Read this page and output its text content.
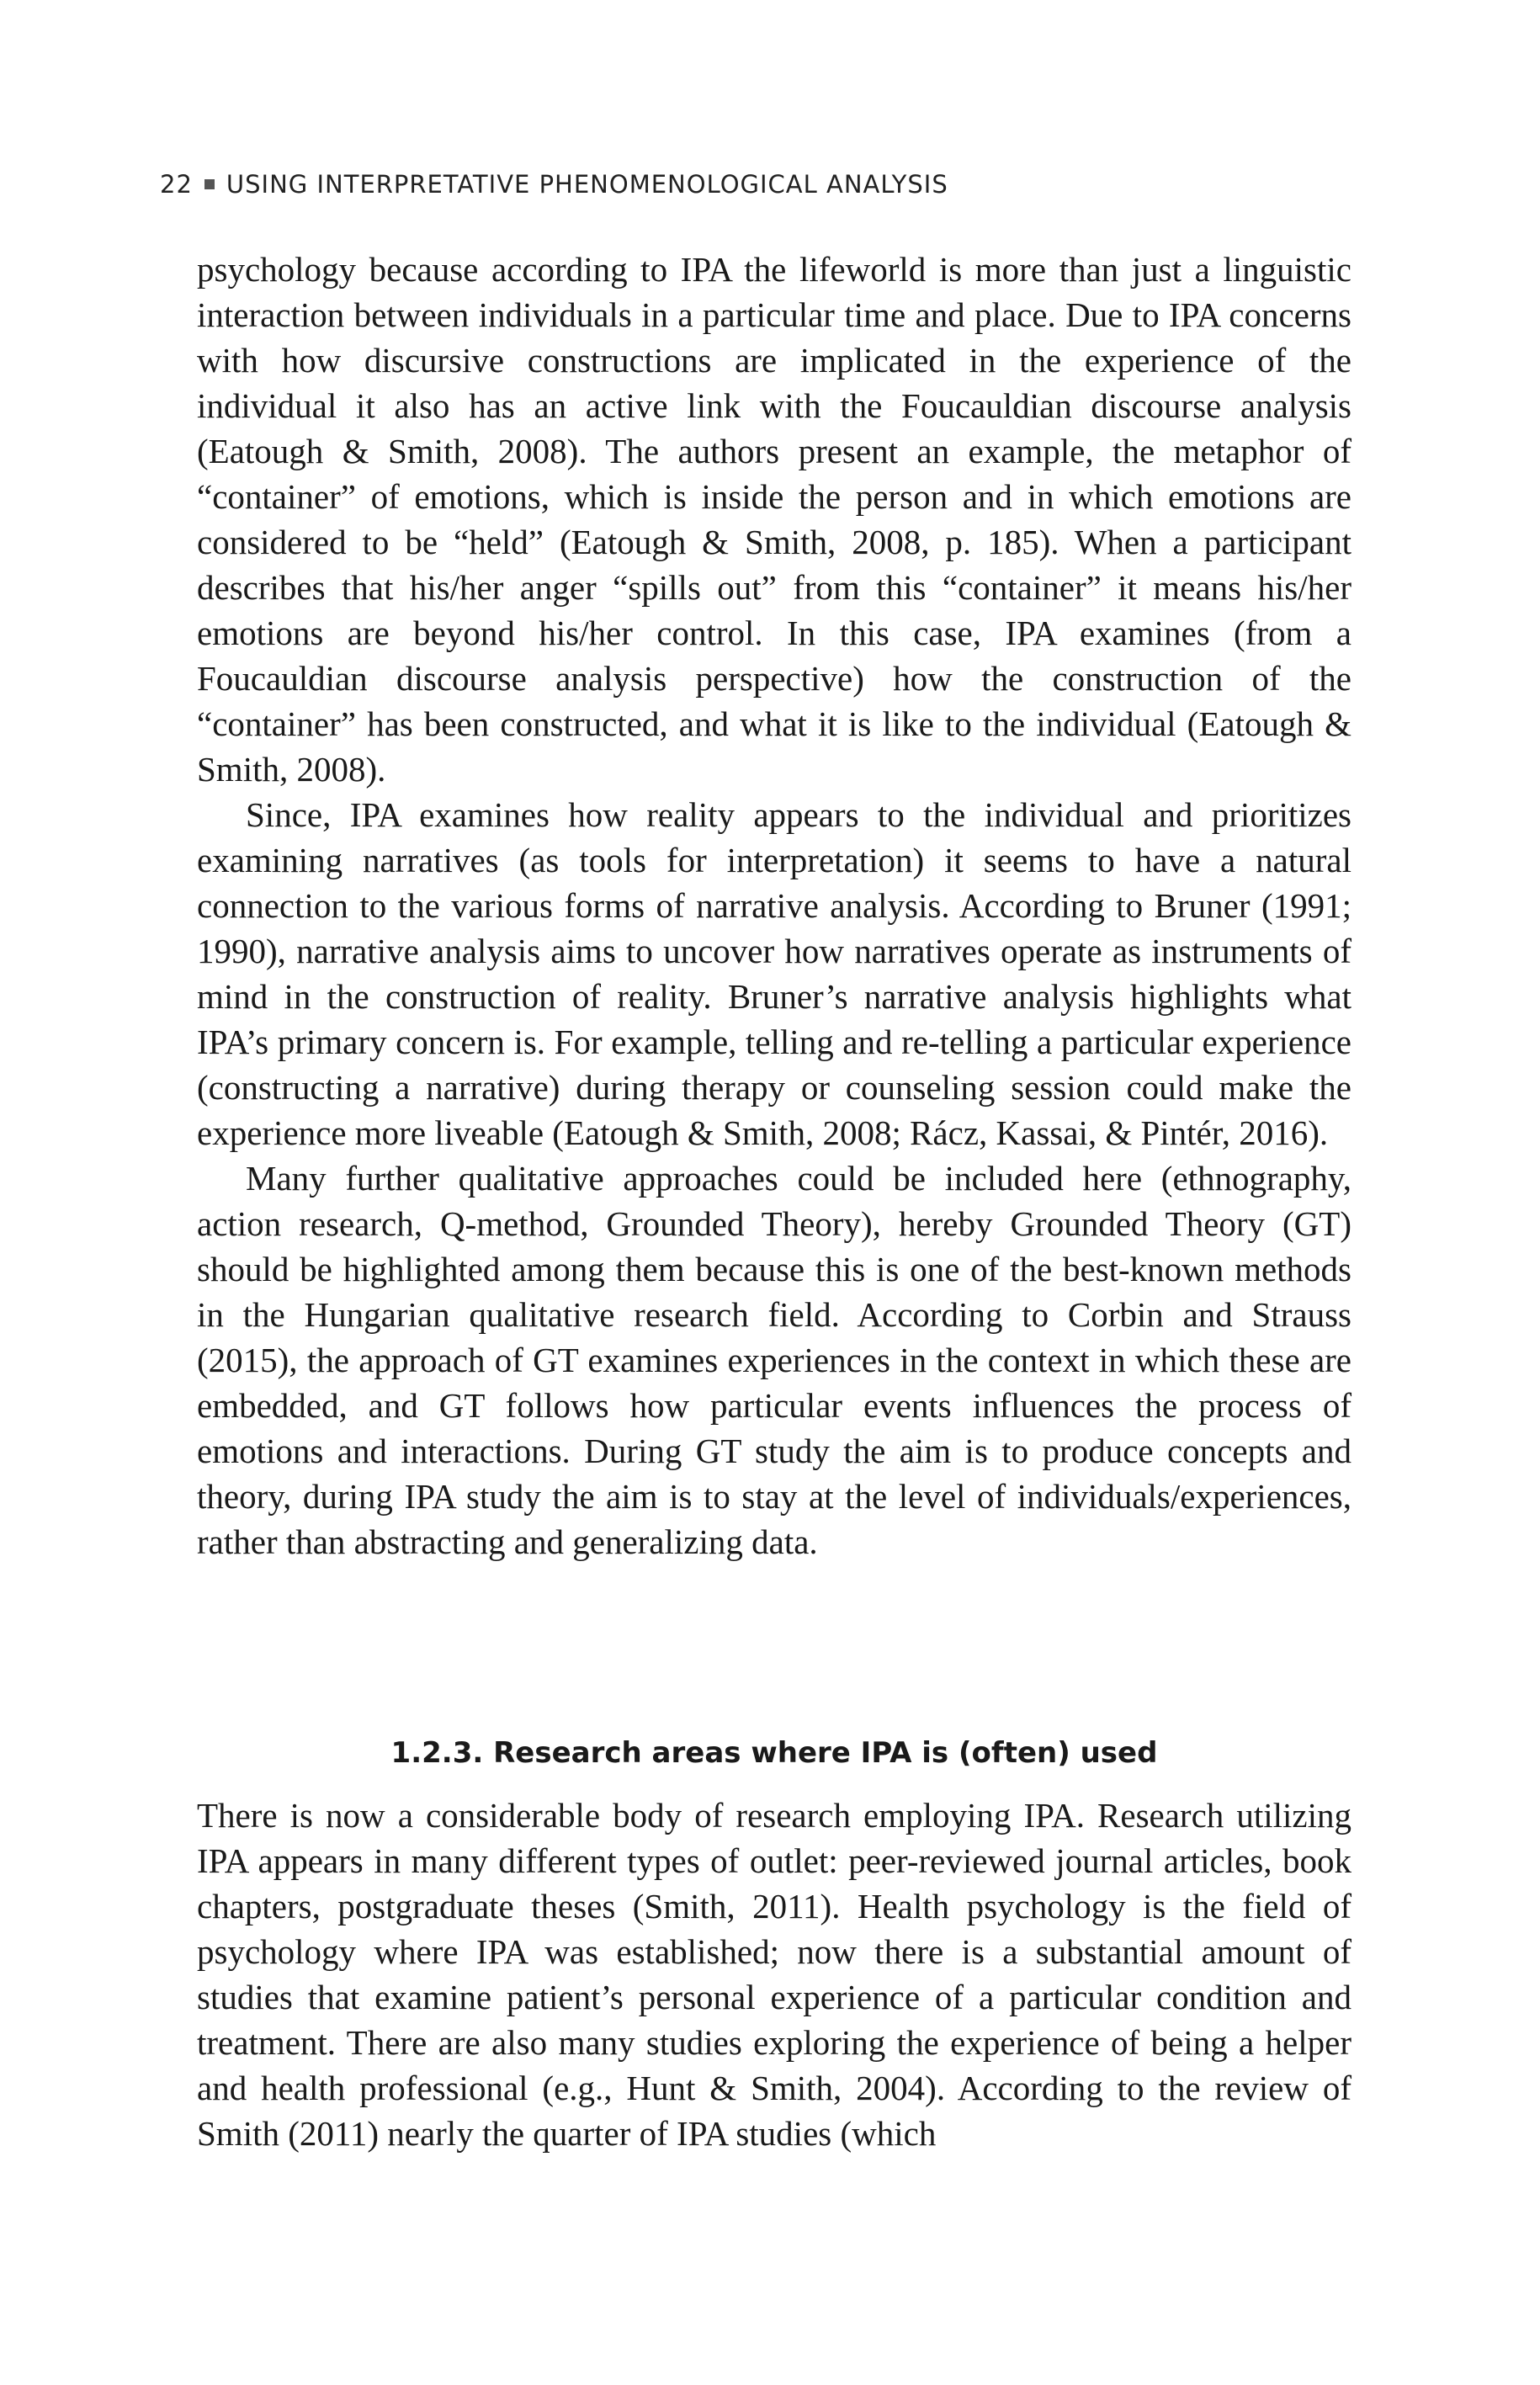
22 USING INTERPRETATIVE PHENOMENOLOGICAL ANALYSIS

psychology because according to IPA the lifeworld is more than just a linguistic interaction between individuals in a particular time and place. Due to IPA concerns with how discursive constructions are implicated in the experience of the individual it also has an active link with the Foucauldian discourse analysis (Eatough & Smith, 2008). The authors present an example, the metaphor of “container” of emotions, which is inside the person and in which emotions are considered to be “held” (Eatough & Smith, 2008, p. 185). When a participant describes that his/her anger “spills out” from this “container” it means his/her emotions are beyond his/her control. In this case, IPA examines (from a Foucauldian discourse analysis perspective) how the construction of the “container” has been constructed, and what it is like to the individual (Eatough & Smith, 2008).

Since, IPA examines how reality appears to the individual and prioritizes examining narratives (as tools for interpretation) it seems to have a natural connection to the various forms of narrative analysis. According to Bruner (1991; 1990), narrative analysis aims to uncover how narratives operate as instruments of mind in the construction of reality. Bruner’s narrative analysis highlights what IPA’s primary concern is. For example, telling and re-telling a particular experience (constructing a narrative) during therapy or counseling session could make the experience more liveable (Eatough & Smith, 2008; Rácz, Kassai, & Pintér, 2016).

Many further qualitative approaches could be included here (ethnography, action research, Q-method, Grounded Theory), hereby Grounded Theory (GT) should be highlighted among them because this is one of the best-known methods in the Hungarian qualitative research field. According to Corbin and Strauss (2015), the approach of GT examines experiences in the context in which these are embedded, and GT follows how particular events influences the process of emotions and interactions. During GT study the aim is to produce concepts and theory, during IPA study the aim is to stay at the level of individuals/experiences, rather than abstracting and generalizing data.

1.2.3. Research areas where IPA is (often) used

There is now a considerable body of research employing IPA. Research utilizing IPA appears in many different types of outlet: peer-reviewed journal articles, book chapters, postgraduate theses (Smith, 2011). Health psychology is the field of psychology where IPA was established; now there is a substantial amount of studies that examine patient’s personal experience of a particular condition and treatment. There are also many studies exploring the experience of being a helper and health professional (e.g., Hunt & Smith, 2004). According to the review of Smith (2011) nearly the quarter of IPA studies (which
